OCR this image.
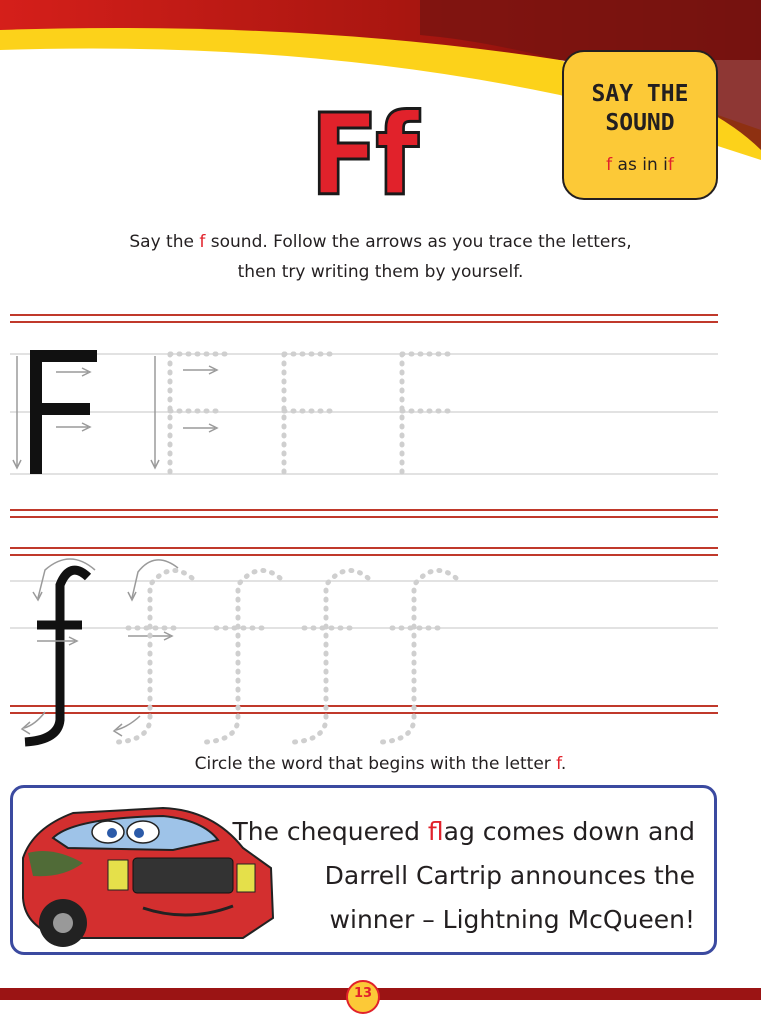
Ff	SAY THE
SOUND
f as in if
Say the f sound. Follow the arrows as you trace the letters,
then try writing them by yourself.
Circle the word that begins with the letter f.
The chequered flag comes down and
Darrell Cartrip announces the
winner – Lightning McQueen!
13
